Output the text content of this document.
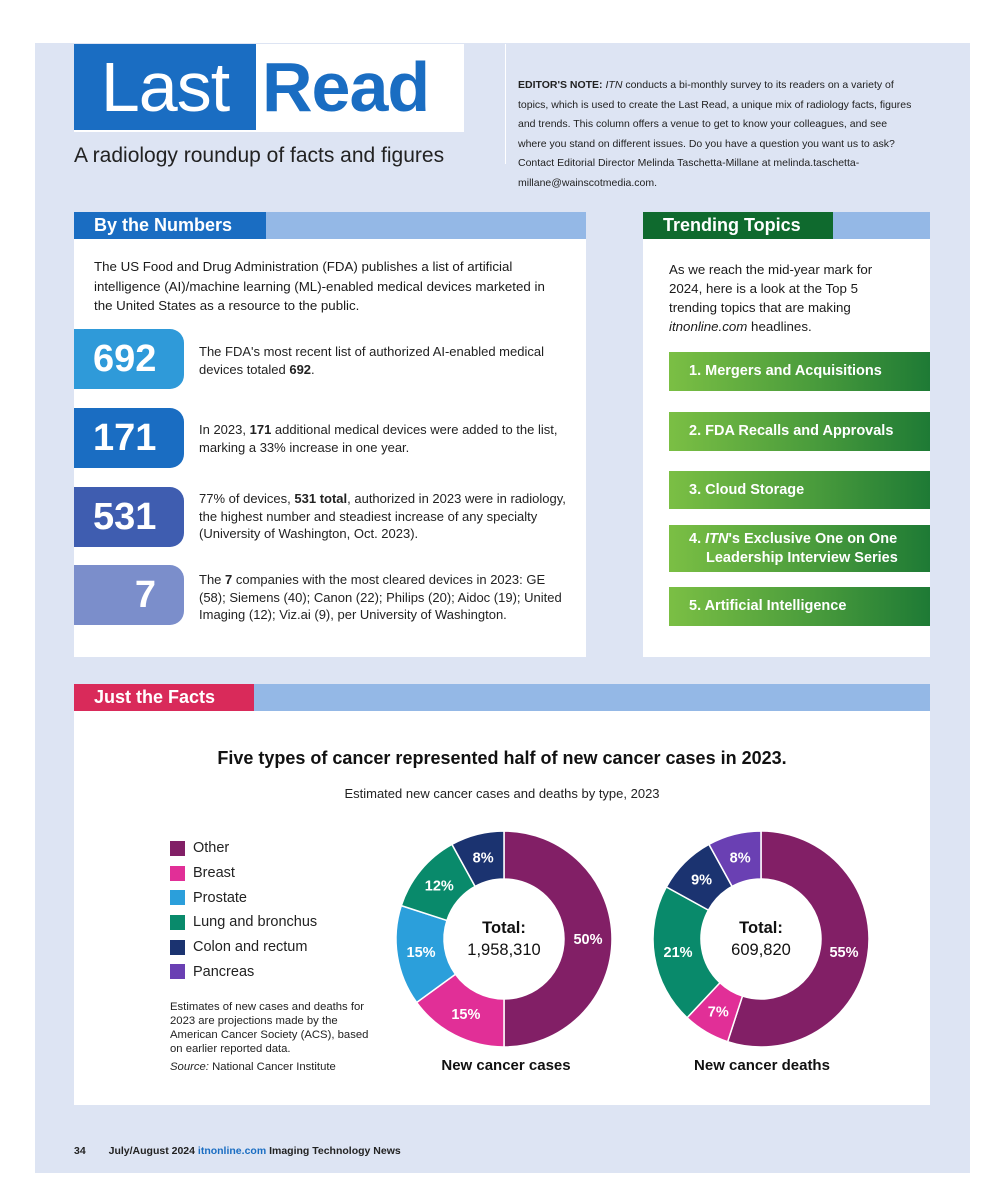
Last Read
A radiology roundup of facts and figures
EDITOR'S NOTE: ITN conducts a bi-monthly survey to its readers on a variety of topics, which is used to create the Last Read, a unique mix of radiology facts, figures and trends. This column offers a venue to get to know your colleagues, and see where you stand on different issues. Do you have a question you want us to ask? Contact Editorial Director Melinda Taschetta-Millane at melinda.taschetta-millane@wainscotmedia.com.
By the Numbers
The US Food and Drug Administration (FDA) publishes a list of artificial intelligence (AI)/machine learning (ML)-enabled medical devices marketed in the United States as a resource to the public.
692	The FDA's most recent list of authorized AI-enabled medical devices totaled 692.
171	In 2023, 171 additional medical devices were added to the list, marking a 33% increase in one year.
531	77% of devices, 531 total, authorized in 2023 were in radiology, the highest number and steadiest increase of any specialty (University of Washington, Oct. 2023).
7	The 7 companies with the most cleared devices in 2023: GE (58); Siemens (40); Canon (22); Philips (20); Aidoc (19); United Imaging (12); Viz.ai (9), per University of Washington.
Trending Topics
As we reach the mid-year mark for 2024, here is a look at the Top 5 trending topics that are making itnonline.com headlines.
1. Mergers and Acquisitions
2. FDA Recalls and Approvals
3. Cloud Storage
4. ITN's Exclusive One on One
Leadership Interview Series
5. Artificial Intelligence
Just the Facts
Five types of cancer represented half of new cancer cases in 2023.
Estimated new cancer cases and deaths by type, 2023
Other
Breast
Prostate
Lung and bronchus
Colon and rectum
Pancreas
Estimates of new cases and deaths for 2023 are projections made by the American Cancer Society (ACS), based on earlier reported data.
Source: National Cancer Institute
50%
15%
15%
12%
8%
Total:
1,958,310	55%
7%
21%
9%
8%
Total:
609,820
New cancer cases	New cancer deaths
34 July/August 2024 itnonline.com Imaging Technology News
